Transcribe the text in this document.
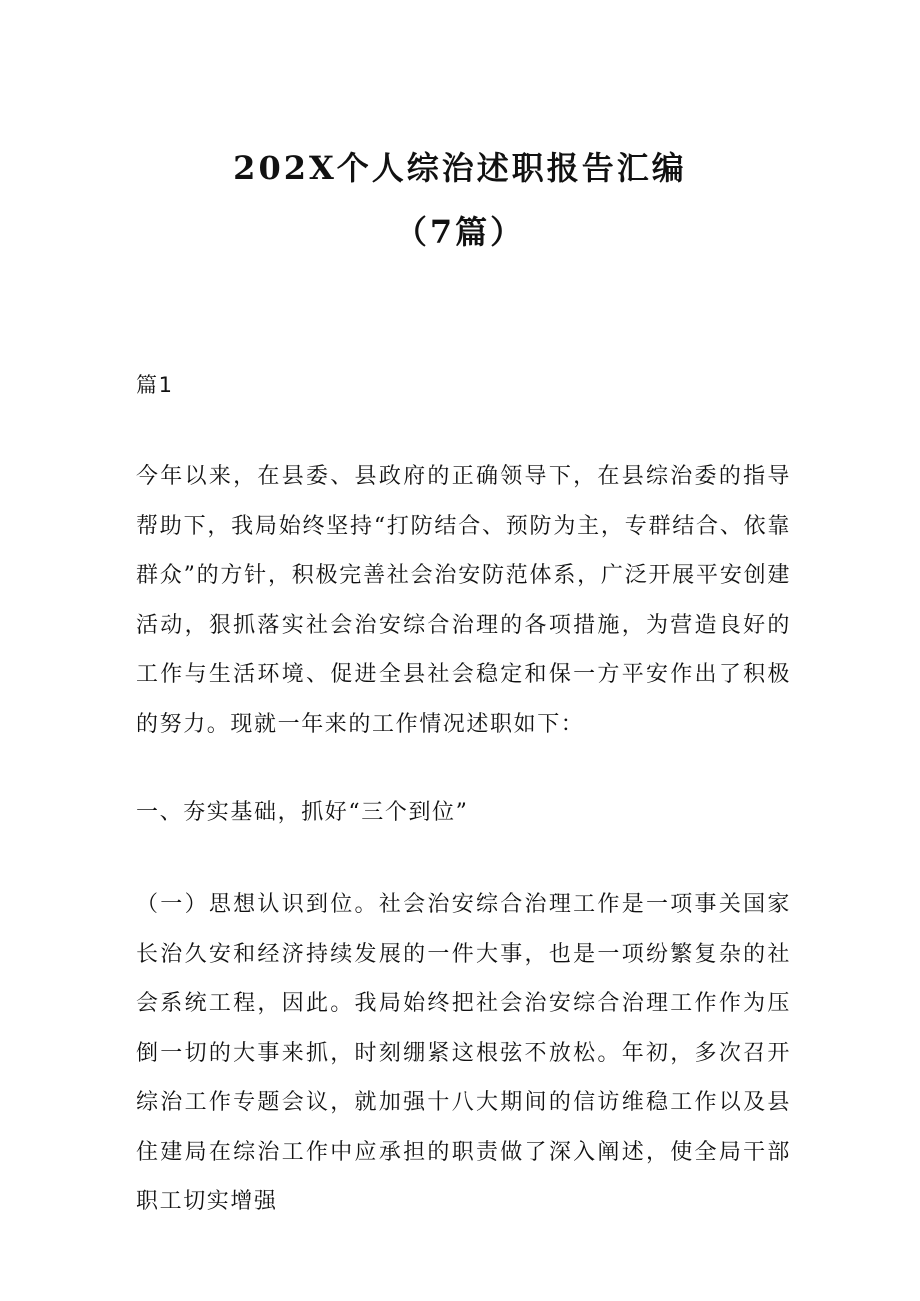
202X个人综治述职报告汇编
（7篇）

篇1

今年以来，在县委、县政府的正确领导下，在县综治委的指导帮助下，我局始终坚持“打防结合、预防为主，专群结合、依靠群众”的方针，积极完善社会治安防范体系，广泛开展平安创建活动，狠抓落实社会治安综合治理的各项措施，为营造良好的工作与生活环境、促进全县社会稳定和保一方平安作出了积极的努力。现就一年来的工作情况述职如下：

一、夯实基础，抓好“三个到位”

（一）思想认识到位。社会治安综合治理工作是一项事关国家长治久安和经济持续发展的一件大事，也是一项纷繁复杂的社会系统工程，因此。我局始终把社会治安综合治理工作作为压倒一切的大事来抓，时刻绷紧这根弦不放松。年初，多次召开综治工作专题会议，就加强十八大期间的信访维稳工作以及县住建局在综治工作中应承担的职责做了深入阐述，使全局干部职工切实增强
